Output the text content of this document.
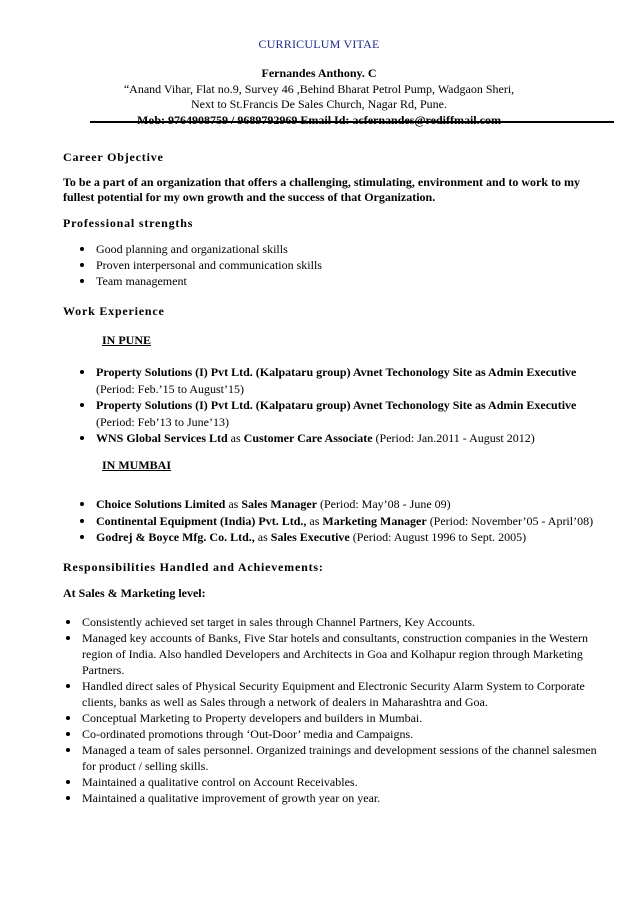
CURRICULUM VITAE
Fernandes Anthony. C
“Anand Vihar, Flat no.9, Survey 46 ,Behind Bharat Petrol Pump, Wadgaon Sheri,
Next to St.Francis De Sales Church, Nagar Rd, Pune.
Mob: 9764908759 / 9689792969 Email Id: acfernandes@rediffmail.com
Career Objective
To be a part of an organization that offers a challenging, stimulating, environment and to work to my fullest potential for my own growth and the success of that Organization.
Professional strengths
Good planning and organizational skills
Proven interpersonal and communication skills
Team management
Work Experience
IN PUNE
Property Solutions (I) Pvt Ltd. (Kalpataru group) Avnet Techonology Site as Admin Executive
(Period: Feb.’15 to August’15)
Property Solutions (I) Pvt Ltd. (Kalpataru group) Avnet Techonology Site as Admin Executive
(Period: Feb’13 to June’13)
WNS Global Services Ltd as Customer Care Associate (Period: Jan.2011 - August 2012)
IN MUMBAI
Choice Solutions Limited as Sales Manager (Period: May’08 - June 09)
Continental Equipment (India) Pvt. Ltd., as Marketing Manager (Period: November’05 - April’08)
Godrej & Boyce Mfg. Co. Ltd., as Sales Executive (Period: August 1996 to Sept. 2005)
Responsibilities Handled and Achievements:
At Sales & Marketing level:
Consistently achieved set target in sales through Channel Partners, Key Accounts.
Managed key accounts of Banks, Five Star hotels and consultants, construction companies in the Western region of India. Also handled Developers and Architects in Goa and Kolhapur region through Marketing Partners.
Handled direct sales of Physical Security Equipment and Electronic Security Alarm System to Corporate clients, banks as well as Sales through a network of dealers in Maharashtra and Goa.
Conceptual Marketing to Property developers and builders in Mumbai.
Co-ordinated promotions through ‘Out-Door’ media and Campaigns.
Managed a team of sales personnel. Organized trainings and development sessions of the channel salesmen for product / selling skills.
Maintained a qualitative control on Account Receivables.
Maintained a qualitative improvement of growth year on year.
